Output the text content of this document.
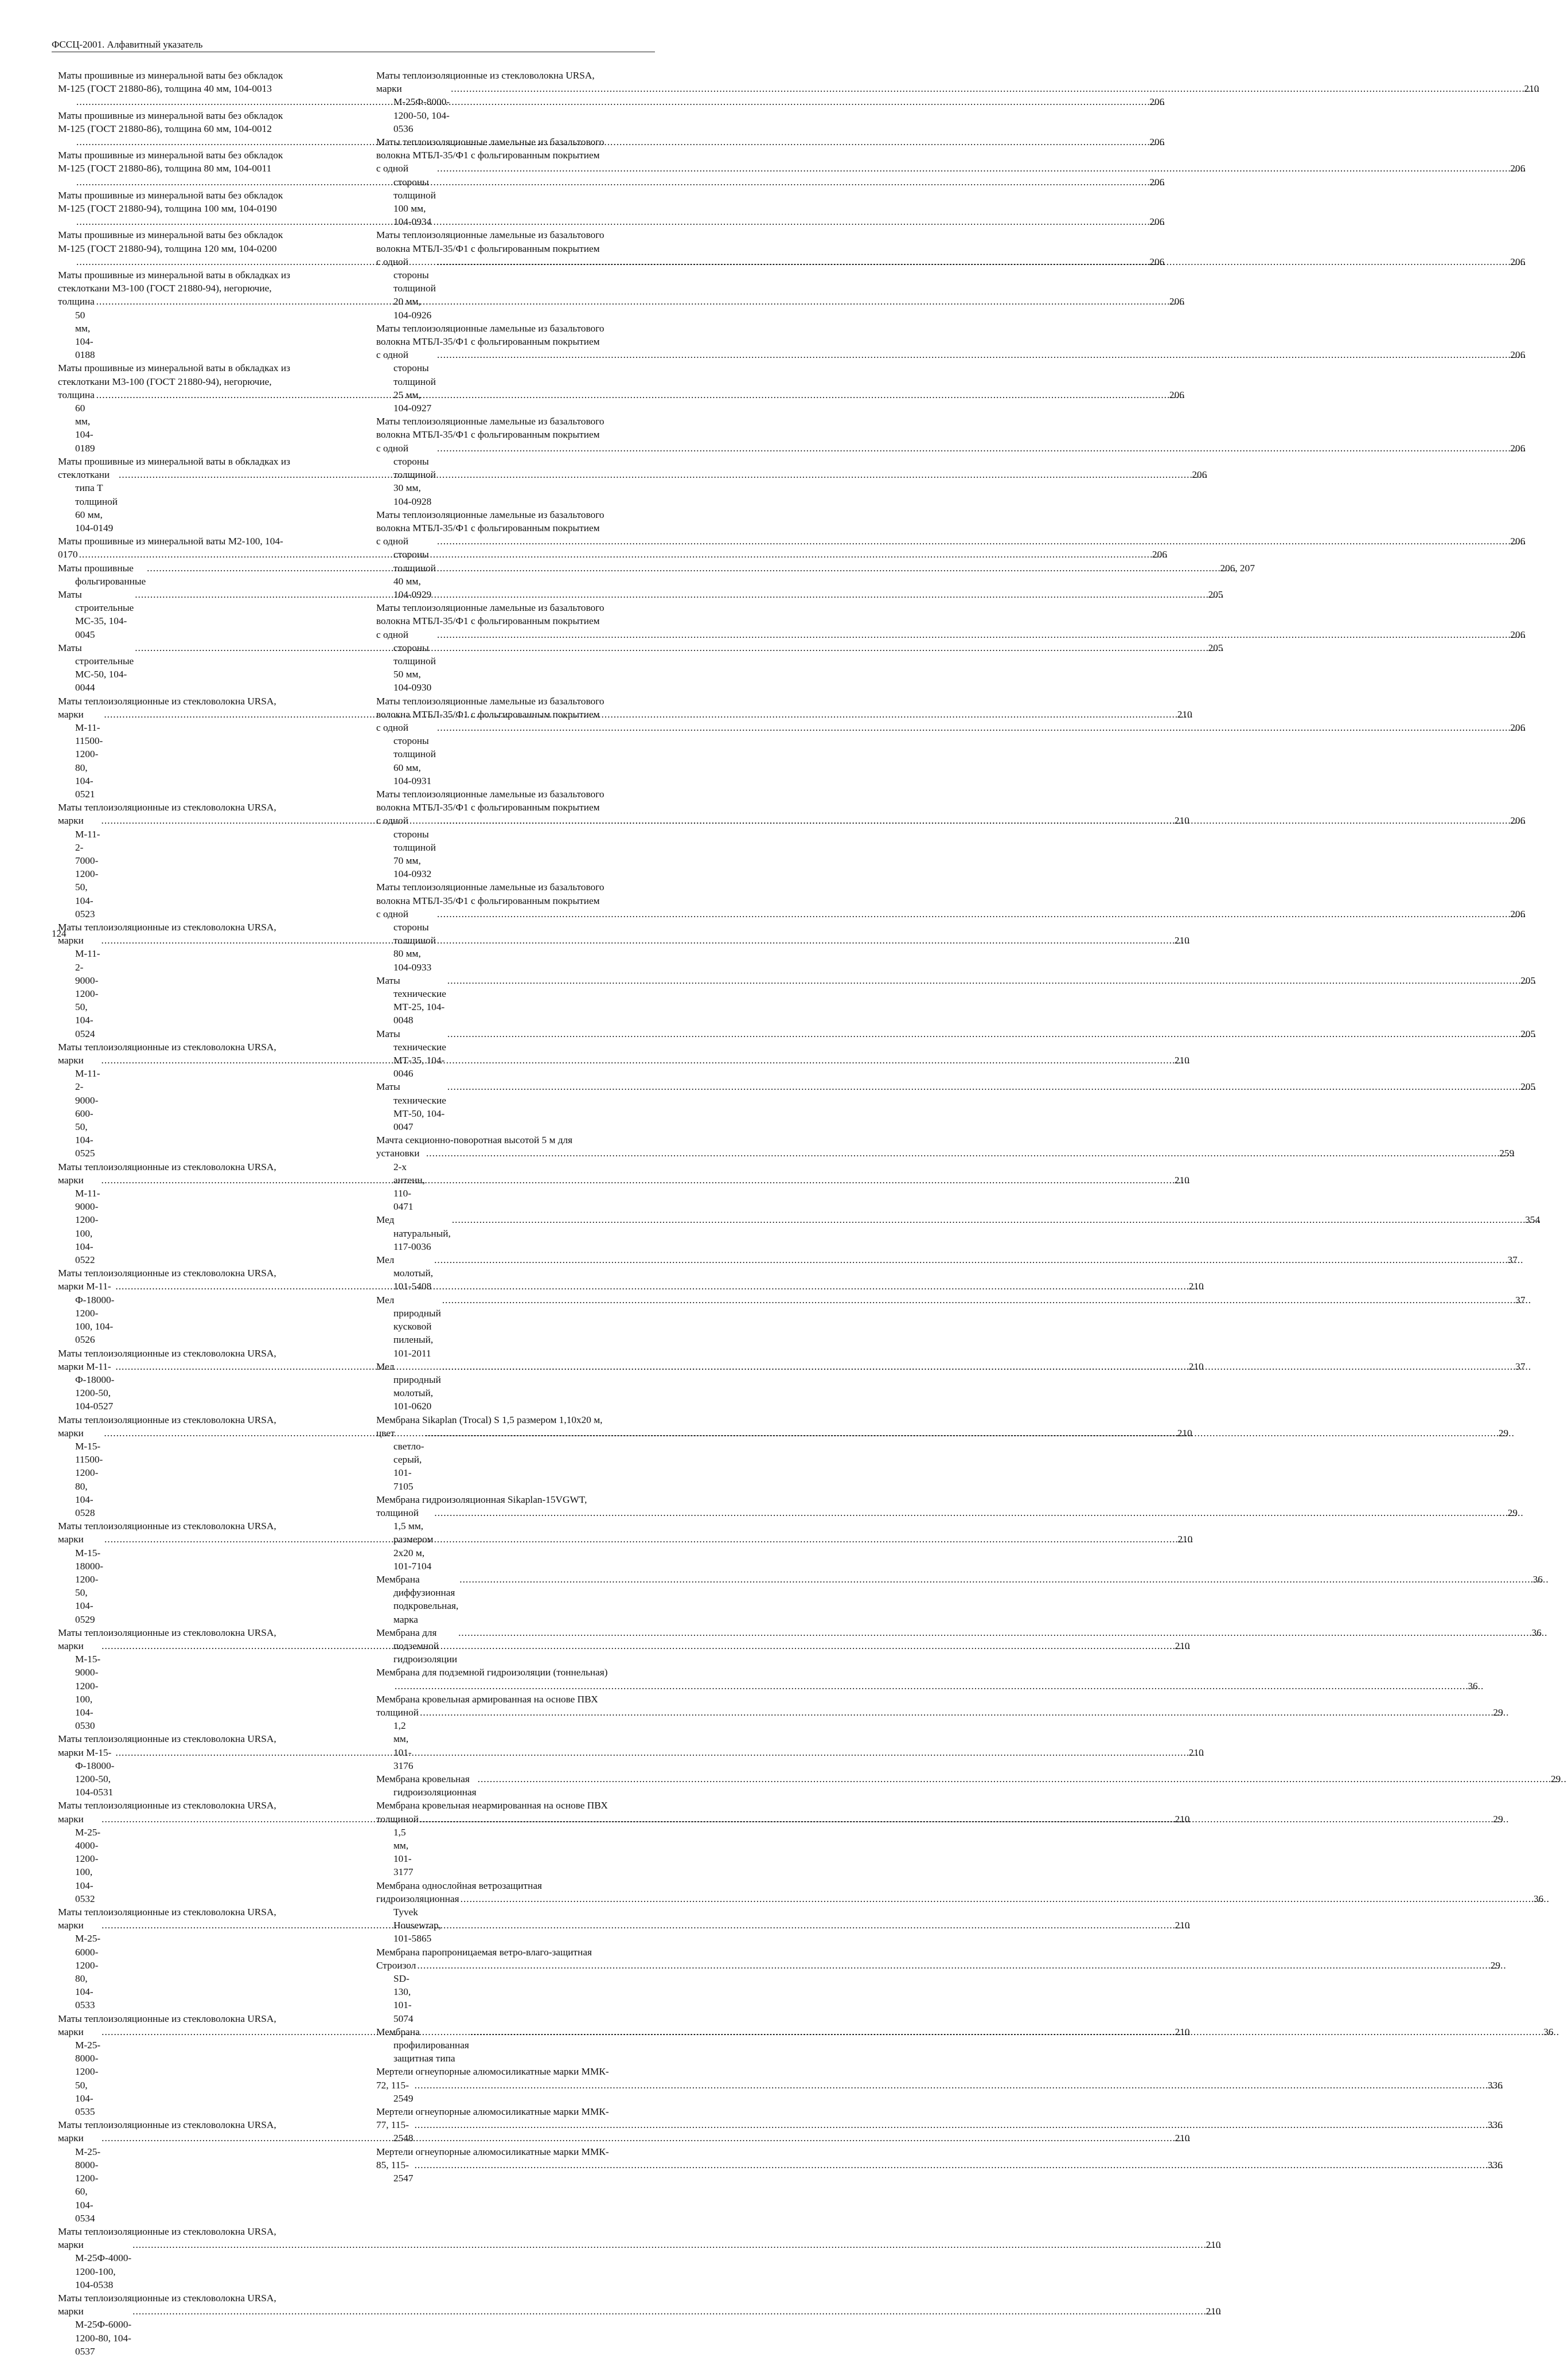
ФССЦ-2001. Алфавитный указатель
Маты прошивные из минеральной ваты без обкладок
М-125 (ГОСТ 21880-86), толщина 40 мм, 104-0013
.....
206
Маты прошивные из минеральной ваты без обкладок
М-125 (ГОСТ 21880-86), толщина 60 мм, 104-0012
.....
206
Маты прошивные из минеральной ваты без обкладок
М-125 (ГОСТ 21880-86), толщина 80 мм, 104-0011
.....
206
Маты прошивные из минеральной ваты без обкладок
М-125 (ГОСТ 21880-94), толщина 100 мм, 104-0190
.....
206
Маты прошивные из минеральной ваты без обкладок
М-125 (ГОСТ 21880-94), толщина 120 мм, 104-0200
.....
206
Маты прошивные из минеральной ваты в обкладках из
стеклоткани М3-100 (ГОСТ 21880-94), негорючие,
толщина 50 мм, 104-0188
.....
206
Маты прошивные из минеральной ваты в обкладках из
стеклоткани М3-100 (ГОСТ 21880-94), негорючие,
толщина 60 мм, 104-0189
.....
206
Маты прошивные из минеральной ваты в обкладках из
стеклоткани типа Т толщиной 60 мм, 104-0149
.....
206
Маты прошивные из минеральной ваты М2-100, 104-
0170
.....	206
Маты прошивные фольгированные
.....
206, 207
Маты строительные МС-35, 104-0045
.....
205
Маты строительные МС-50, 104-0044
.....
205
Маты теплоизоляционные из стекловолокна URSA,
марки М-11-11500-1200-80, 104-0521
.....
210
Маты теплоизоляционные из стекловолокна URSA,
марки М-11-2-7000-1200-50, 104-0523
.....
210
Маты теплоизоляционные из стекловолокна URSA,
марки М-11-2-9000-1200-50, 104-0524
.....
210
Маты теплоизоляционные из стекловолокна URSA,
марки М-11-2-9000-600-50, 104-0525
.....
210
Маты теплоизоляционные из стекловолокна URSA,
марки М-11-9000-1200-100, 104-0522
.....
210
Маты теплоизоляционные из стекловолокна URSA,
марки М-11-Ф-18000-1200-100, 104-0526
.....
210
Маты теплоизоляционные из стекловолокна URSA,
марки М-11-Ф-18000-1200-50, 104-0527
.....
210
Маты теплоизоляционные из стекловолокна URSA,
марки М-15-11500-1200-80, 104-0528
.....
210
Маты теплоизоляционные из стекловолокна URSA,
марки М-15-18000-1200-50, 104-0529
.....
210
Маты теплоизоляционные из стекловолокна URSA,
марки М-15-9000-1200-100, 104-0530
.....
210
Маты теплоизоляционные из стекловолокна URSA,
марки М-15-Ф-18000-1200-50, 104-0531
.....
210
Маты теплоизоляционные из стекловолокна URSA,
марки М-25-4000-1200-100, 104-0532
.....
210
Маты теплоизоляционные из стекловолокна URSA,
марки М-25-6000-1200-80, 104-0533
.....
210
Маты теплоизоляционные из стекловолокна URSA,
марки М-25-8000-1200-50, 104-0535
.....
210
Маты теплоизоляционные из стекловолокна URSA,
марки М-25-8000-1200-60, 104-0534
.....
210
Маты теплоизоляционные из стекловолокна URSA,
марки М-25Ф-4000-1200-100, 104-0538
.....
210
Маты теплоизоляционные из стекловолокна URSA,
марки М-25Ф-6000-1200-80, 104-0537
.....
210
Маты теплоизоляционные из стекловолокна URSA,
марки М-25Ф-8000-1200-50, 104-0536
.....
210
Маты теплоизоляционные ламельные из базальтового
волокна МТБЛ-35/Ф1 с фольгированным покрытием
с одной стороны толщиной 100 мм, 104-0934
.....
206
Маты теплоизоляционные ламельные из базальтового
волокна МТБЛ-35/Ф1 с фольгированным покрытием
с одной стороны толщиной 20 мм, 104-0926
.....
206
Маты теплоизоляционные ламельные из базальтового
волокна МТБЛ-35/Ф1 с фольгированным покрытием
с одной стороны толщиной 25 мм, 104-0927
.....
206
Маты теплоизоляционные ламельные из базальтового
волокна МТБЛ-35/Ф1 с фольгированным покрытием
с одной стороны толщиной 30 мм, 104-0928
.....
206
Маты теплоизоляционные ламельные из базальтового
волокна МТБЛ-35/Ф1 с фольгированным покрытием
с одной стороны толщиной 40 мм, 104-0929
.....
206
Маты теплоизоляционные ламельные из базальтового
волокна МТБЛ-35/Ф1 с фольгированным покрытием
с одной стороны толщиной 50 мм, 104-0930
.....
206
Маты теплоизоляционные ламельные из базальтового
волокна МТБЛ-35/Ф1 с фольгированным покрытием
с одной стороны толщиной 60 мм, 104-0931
.....
206
Маты теплоизоляционные ламельные из базальтового
волокна МТБЛ-35/Ф1 с фольгированным покрытием
с одной стороны толщиной 70 мм, 104-0932
.....
206
Маты теплоизоляционные ламельные из базальтового
волокна МТБЛ-35/Ф1 с фольгированным покрытием
с одной стороны толщиной 80 мм, 104-0933
.....
206
Маты технические МТ-25, 104-0048
.....
205
Маты технические МТ-35, 104-0046
.....
205
Маты технические МТ-50, 104-0047
.....
205
Мачта секционно-поворотная высотой 5 м для
установки 2-х антенн, 110-0471
.....
259
Мед натуральный, 117-0036
.....
354
Мел молотый, 101-5408
.....
37
Мел природный кусковой пиленый, 101-2011
.....
37
Мел природный молотый, 101-0620
.....
37
Мембрана Sikaplan (Trocal) S 1,5 размером 1,10х20 м,
цвет светло-серый, 101-7105
.....
29
Мембрана гидроизоляционная Sikaplan-15VGWT,
толщиной 1,5 мм, размером 2х20 м, 101-7104
.....
29
Мембрана диффузионная подкровельная, марка
.....
36
Мембрана для подземной гидроизоляции
.....
36
Мембрана для подземной гидроизоляции (тоннельная)
.....
36
Мембрана кровельная армированная на основе ПВХ
толщиной 1,2 мм, 101-3176
.....
29
Мембрана кровельная гидроизоляционная
.....
29
Мембрана кровельная неармированная на основе ПВХ
толщиной 1,5 мм, 101-3177
.....
29
Мембрана однослойная ветрозащитная
гидроизоляционная Tyvek Housewrap, 101-5865
.....
36
Мембрана паропроницаемая ветро-влаго-защитная
Строизол SD-130, 101-5074
.....
29
Мембрана профилированная защитная типа
.....
36
Мертели огнеупорные алюмосиликатные марки ММК-
72, 115-2549
.....
336
Мертели огнеупорные алюмосиликатные марки ММК-
77, 115-2548
.....
336
Мертели огнеупорные алюмосиликатные марки ММК-
85, 115-2547
.....
336
124
